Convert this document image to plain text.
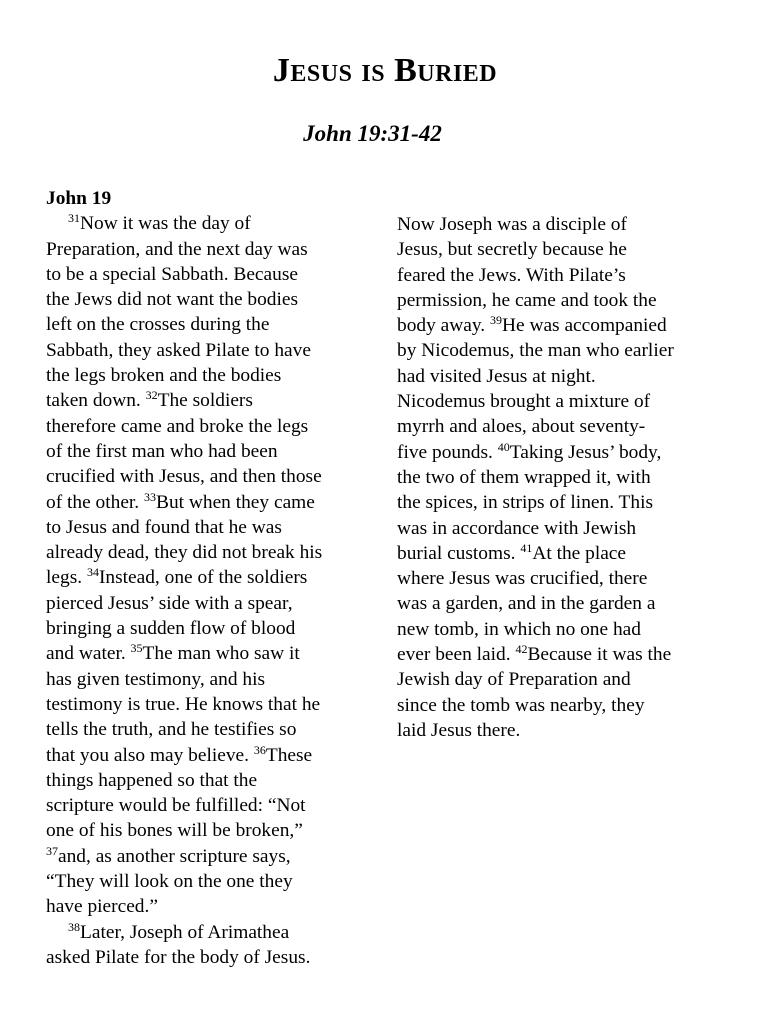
Jesus is Buried
John 19:31-42
John 19
$^{31}$Now it was the day of
Preparation, and the next day was
to be a special Sabbath. Because
the Jews did not want the bodies
left on the crosses during the
Sabbath, they asked Pilate to have
the legs broken and the bodies
taken down. $^{32}$The soldiers
therefore came and broke the legs
of the first man who had been
crucified with Jesus, and then those
of the other. $^{33}$But when they came
to Jesus and found that he was
already dead, they did not break his
legs. $^{34}$Instead, one of the soldiers
pierced Jesus’ side with a spear,
bringing a sudden flow of blood
and water. $^{35}$The man who saw it
has given testimony, and his
testimony is true. He knows that he
tells the truth, and he testifies so
that you also may believe. $^{36}$These
things happened so that the
scripture would be fulfilled: “Not
one of his bones will be broken,”
$^{37}$and, as another scripture says,
“They will look on the one they
have pierced.”
$^{38}$Later, Joseph of Arimathea
asked Pilate for the body of Jesus.
Now Joseph was a disciple of
Jesus, but secretly because he
feared the Jews. With Pilate’s
permission, he came and took the
body away. $^{39}$He was accompanied
by Nicodemus, the man who earlier
had visited Jesus at night.
Nicodemus brought a mixture of
myrrh and aloes, about seventy-
five pounds. $^{40}$Taking Jesus’ body,
the two of them wrapped it, with
the spices, in strips of linen. This
was in accordance with Jewish
burial customs. $^{41}$At the place
where Jesus was crucified, there
was a garden, and in the garden a
new tomb, in which no one had
ever been laid. $^{42}$Because it was the
Jewish day of Preparation and
since the tomb was nearby, they
laid Jesus there.
